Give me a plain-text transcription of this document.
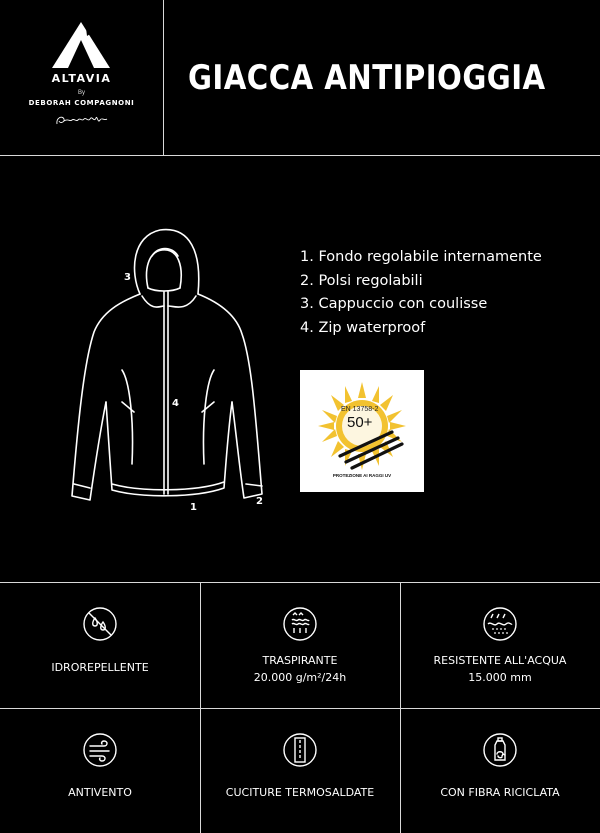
ALTAVIA
By
DEBORAH COMPAGNONI
GIACCA ANTIPIOGGIA
3
4
2
1
1. Fondo regolabile internamente
2. Polsi regolabili
3. Cappuccio con coulisse
4. Zip waterproof
EN 13758-2
50+
PROTEZIONE AI RAGGI UV
IDROREPELLENTE
TRASPIRANTE
20.000 g/m²/24h
RESISTENTE ALL'ACQUA
15.000 mm
ANTIVENTO	CUCITURE TERMOSALDATE	CON FIBRA RICICLATA
